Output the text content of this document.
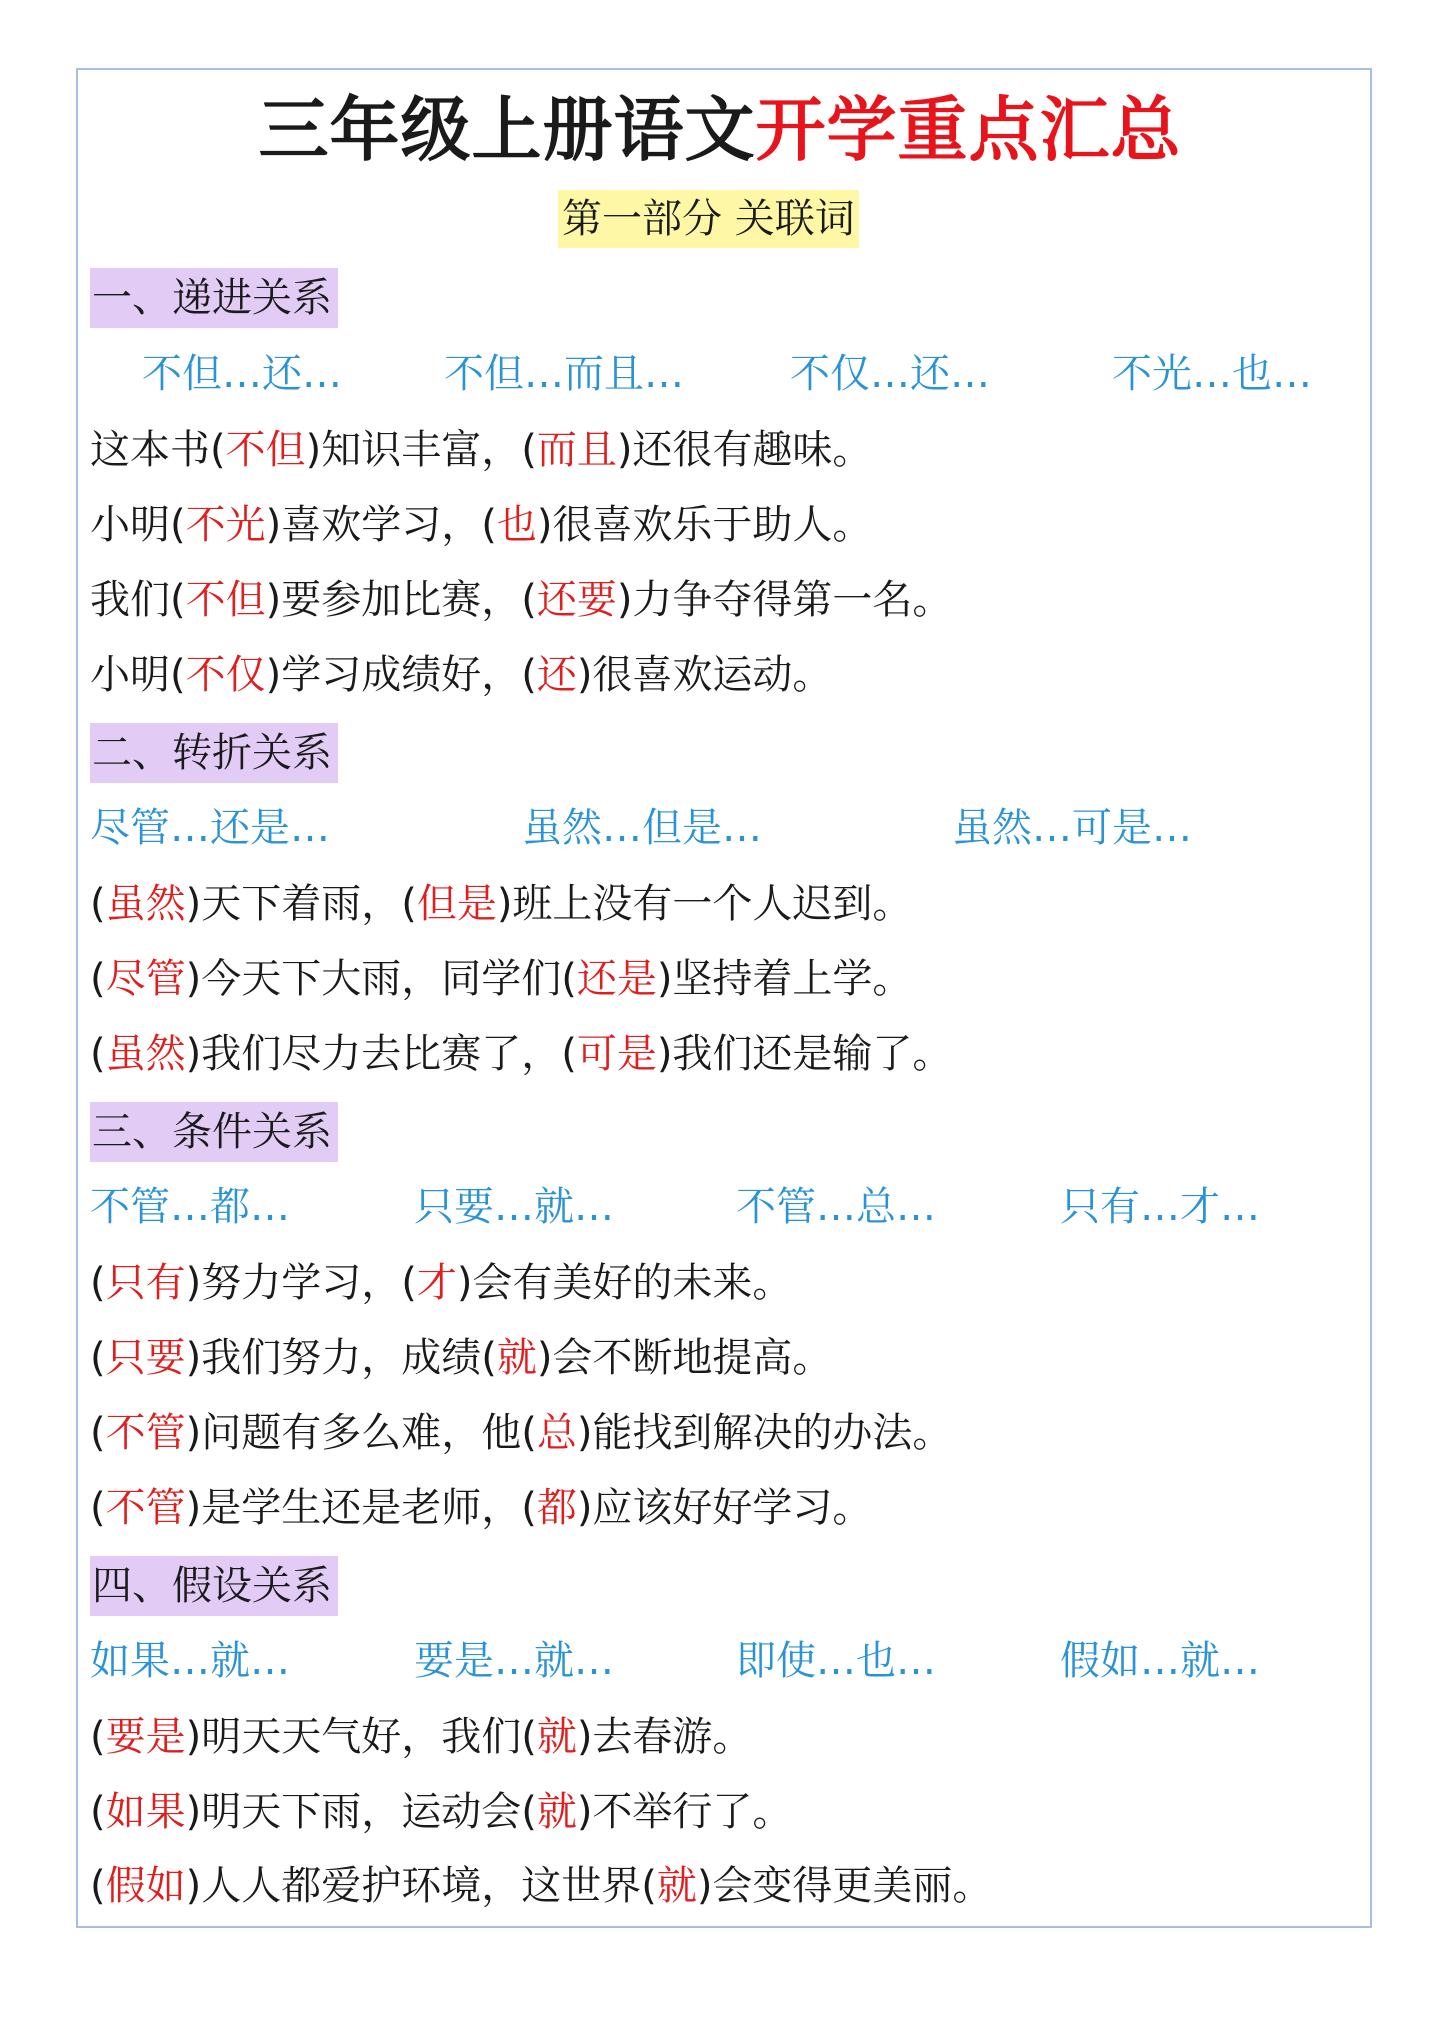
三年级上册语文开学重点汇总
第一部分 关联词
一、递进关系
不但…还…	不但…而且…	不仅…还…	不光…也…
这本书(不但)知识丰富，(而且)还很有趣味。
小明(不光)喜欢学习，(也)很喜欢乐于助人。
我们(不但)要参加比赛，(还要)力争夺得第一名。
小明(不仅)学习成绩好，(还)很喜欢运动。
二、转折关系
尽管…还是…	虽然…但是…	虽然…可是…
(虽然)天下着雨，(但是)班上没有一个人迟到。
(尽管)今天下大雨，同学们(还是)坚持着上学。
(虽然)我们尽力去比赛了，(可是)我们还是输了。
三、条件关系
不管…都…	只要…就…	不管…总…	只有…才…
(只有)努力学习，(才)会有美好的未来。
(只要)我们努力，成绩(就)会不断地提高。
(不管)问题有多么难，他(总)能找到解决的办法。
(不管)是学生还是老师，(都)应该好好学习。
四、假设关系
如果…就…	要是…就…	即使…也…	假如…就…
(要是)明天天气好，我们(就)去春游。
(如果)明天下雨，运动会(就)不举行了。
(假如)人人都爱护环境，这世界(就)会变得更美丽。
